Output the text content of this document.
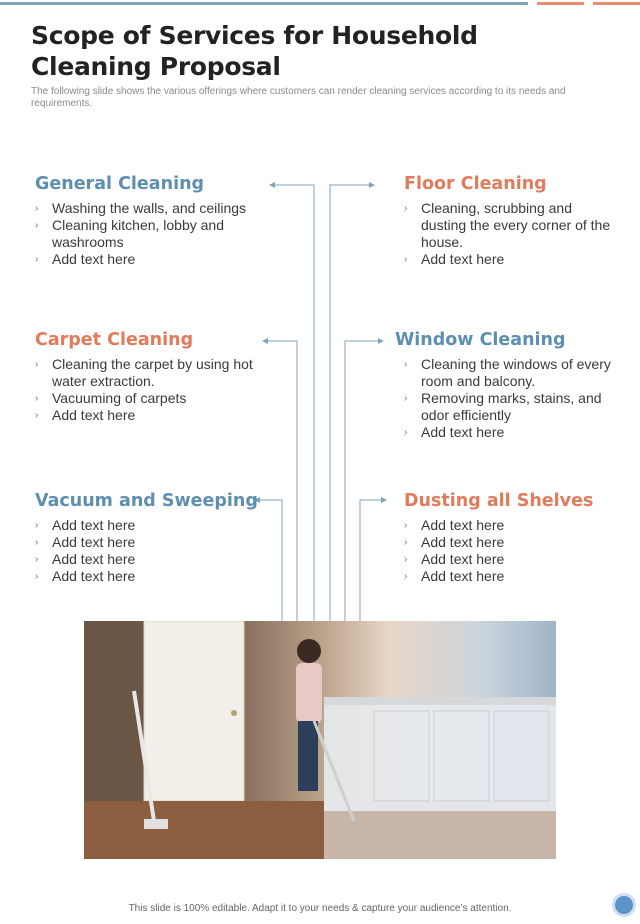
Scope of Services for Household Cleaning Proposal
The following slide shows the various offerings where customers can render cleaning services according to its needs and requirements.
General Cleaning
› Washing the walls, and ceilings
› Cleaning kitchen, lobby and washrooms
› Add text here
Carpet Cleaning
› Cleaning the carpet by using hot water extraction.
› Vacuuming of carpets
› Add text here
Vacuum and Sweeping
› Add text here
› Add text here
› Add text here
› Add text here
Floor Cleaning
› Cleaning, scrubbing and dusting the every corner of the house.
› Add text here
Window Cleaning
› Cleaning the windows of every room and balcony.
› Removing marks, stains, and odor efficiently
› Add text here
Dusting all Shelves
› Add text here
› Add text here
› Add text here
› Add text here
This slide is 100% editable. Adapt it to your needs & capture your audience’s attention.
